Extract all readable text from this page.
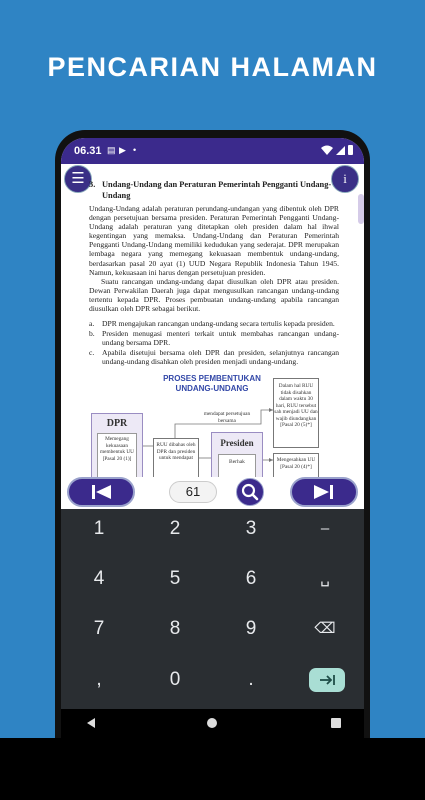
PENCARIAN HALAMAN
06.31 ▤ ▶ •
☰	i
3. Undang-Undang dan Peraturan Pemerintah Pengganti Undang-Undang
Undang-Undang adalah peraturan perundang-undangan yang dibentuk oleh DPR dengan persetujuan bersama presiden. Peraturan Pemerintah Pengganti Undang-Undang adalah peraturan yang ditetapkan oleh presiden dalam hal ihwal kegentingan yang memaksa. Undang-Undang dan Peraturan Pemerintah Pengganti Undang-Undang memiliki kedudukan yang sederajat. DPR merupakan lembaga negara yang memegang kekuasaan membentuk undang-undang, berdasarkan pasal 20 ayat (1) UUD Negara Republik Indonesia Tahun 1945. Namun, kekuasaan ini harus dengan persetujuan presiden.
Suatu rancangan undang-undang dapat diusulkan oleh DPR atau presiden. Dewan Perwakilan Daerah juga dapat mengusulkan rancangan undang-undang tertentu kepada DPR. Proses pembuatan undang-undang apabila rancangan diusulkan oleh DPR sebagai berikut.
a. DPR mengajukan rancangan undang-undang secara tertulis kepada presiden.
b. Presiden menugasi menteri terkait untuk membahas rancangan undang-undang bersama DPR.
c. Apabila disetujui bersama oleh DPR dan presiden, selanjutnya rancangan undang-undang disahkan oleh presiden menjadi undang-undang.
PROSES PEMBENTUKAN UNDANG-UNDANG
DPR
Memegang kekuasaan membentuk UU [Pasal 20 (1)]
RUU dibahas oleh DPR dan presiden untuk mendapat
mendapat persetujuan bersama
Presiden
Berhak
Dalam hal RUU tidak disahkan dalam waktu 30 hari, RUU tersebut sah menjadi UU dan wajib diundangkan [Pasal 20 (5)*]
Mengesahkan UU [Pasal 20 (4)*]
61
1	2	3	–
4	5	6	␣
7	8	9	⌫
,	0	.
